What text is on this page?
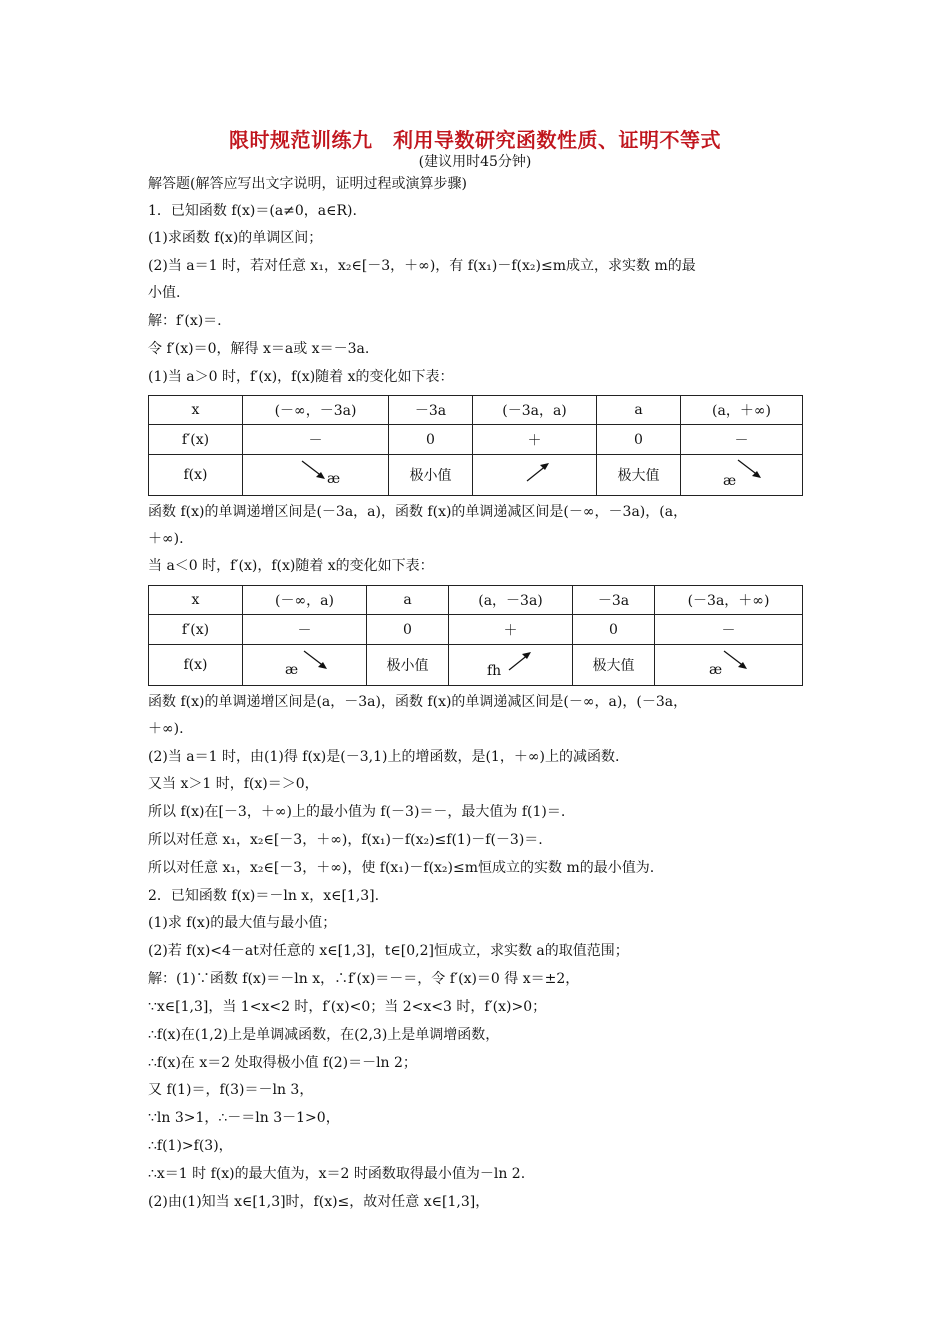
限时规范训练九　利用导数研究函数性质、证明不等式
(建议用时45分钟)
解答题(解答应写出文字说明，证明过程或演算步骤)
1．已知函数 f(x)＝(a≠0，a∈R).
(1)求函数 f(x)的单调区间；
(2)当 a＝1 时，若对任意 x₁，x₂∈[－3，＋∞)，有 f(x₁)－f(x₂)≤m成立，求实数 m的最
小值.
解：f′(x)＝.
令 f′(x)＝0，解得 x＝a或 x＝－3a.
(1)当 a＞0 时，f′(x)，f(x)随着 x的变化如下表：
x	(－∞，－3a)	－3a	(－3a，a)	a	(a，＋∞)
f′(x)	－	0	＋	0	－
f(x)	æ	极小值		极大值	æ
函数 f(x)的单调递增区间是(－3a，a)，函数 f(x)的单调递减区间是(－∞，－3a)，(a，
＋∞).
当 a＜0 时，f′(x)，f(x)随着 x的变化如下表：
x	(－∞，a)	a	(a，－3a)	－3a	(－3a，＋∞)
f′(x)	－	0	＋	0	－
f(x)	æ	极小值	fh	极大值	æ
函数 f(x)的单调递增区间是(a，－3a)，函数 f(x)的单调递减区间是(－∞，a)，(－3a，
＋∞).
(2)当 a＝1 时，由(1)得 f(x)是(－3,1)上的增函数，是(1，＋∞)上的减函数.
又当 x＞1 时，f(x)＝＞0，
所以 f(x)在[－3，＋∞)上的最小值为 f(－3)＝－，最大值为 f(1)＝.
所以对任意 x₁，x₂∈[－3，＋∞)，f(x₁)－f(x₂)≤f(1)－f(－3)＝.
所以对任意 x₁，x₂∈[－3，＋∞)，使 f(x₁)－f(x₂)≤m恒成立的实数 m的最小值为.
2．已知函数 f(x)＝－ln x，x∈[1,3].
(1)求 f(x)的最大值与最小值；
(2)若 f(x)<4－at对任意的 x∈[1,3]，t∈[0,2]恒成立，求实数 a的取值范围；
解：(1)∵函数 f(x)＝－ln x，∴f′(x)＝－＝，令 f′(x)＝0 得 x＝±2，
∵x∈[1,3]，当 1<x<2 时，f′(x)<0；当 2<x<3 时，f′(x)>0；
∴f(x)在(1,2)上是单调减函数，在(2,3)上是单调增函数，
∴f(x)在 x＝2 处取得极小值 f(2)＝－ln 2；
又 f(1)＝，f(3)＝－ln 3，
∵ln 3>1，∴－＝ln 3－1>0，
∴f(1)>f(3)，
∴x＝1 时 f(x)的最大值为，x＝2 时函数取得最小值为－ln 2.
(2)由(1)知当 x∈[1,3]时，f(x)≤，故对任意 x∈[1,3]，
